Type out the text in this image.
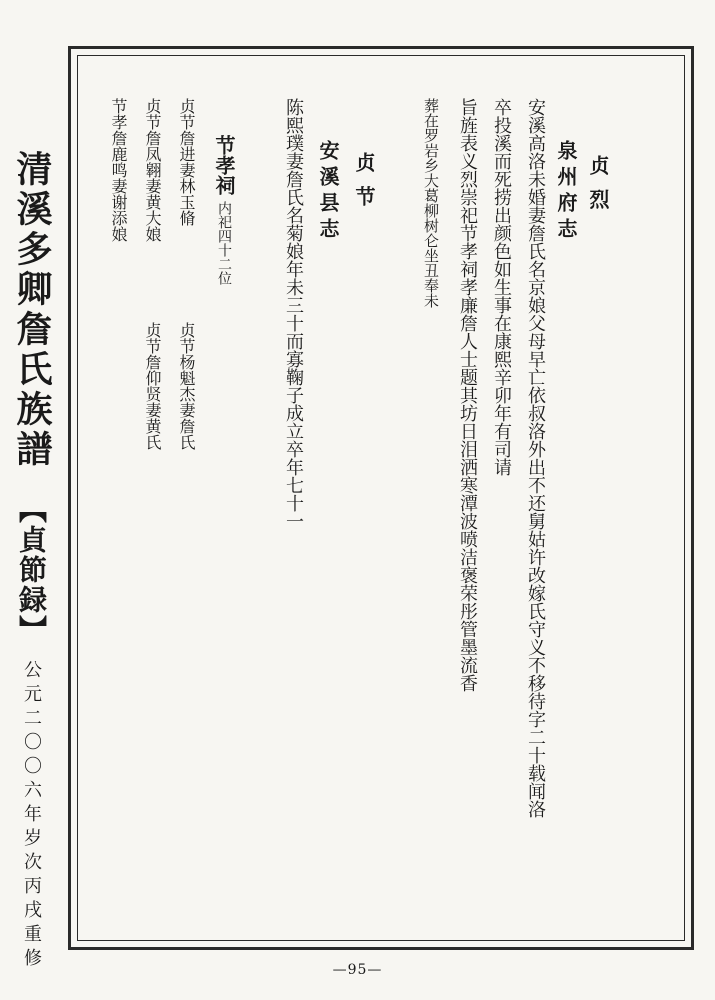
清溪多卿詹氏族譜
【貞節録】
公元二〇〇六年岁次丙戌重修
贞烈
泉州府志
安溪高洛未婚妻詹氏名京娘父母早亡依叔洛外出不还舅姑许改嫁氏守义不移待字二十载闻洛
卒投溪而死捞出颜色如生事在康熙辛卯年有司请
旨旌表义烈崇祀节孝祠孝廉詹人士题其坊日泪洒寒潭波喷洁褒荣彤管墨流香
葬在罗岩乡大葛柳树仑坐丑奉未
贞节
安溪县志
陈熙璞妻詹氏名菊娘年未三十而寡鞠子成立卒年七十一
节孝祠内祀四十二位
贞节詹进妻林玉脩
贞节詹凤翱妻黄大娘
节孝詹鹿鸣妻谢添娘
贞节杨魁杰妻詹氏
贞节詹仰贤妻黄氏
—95—
